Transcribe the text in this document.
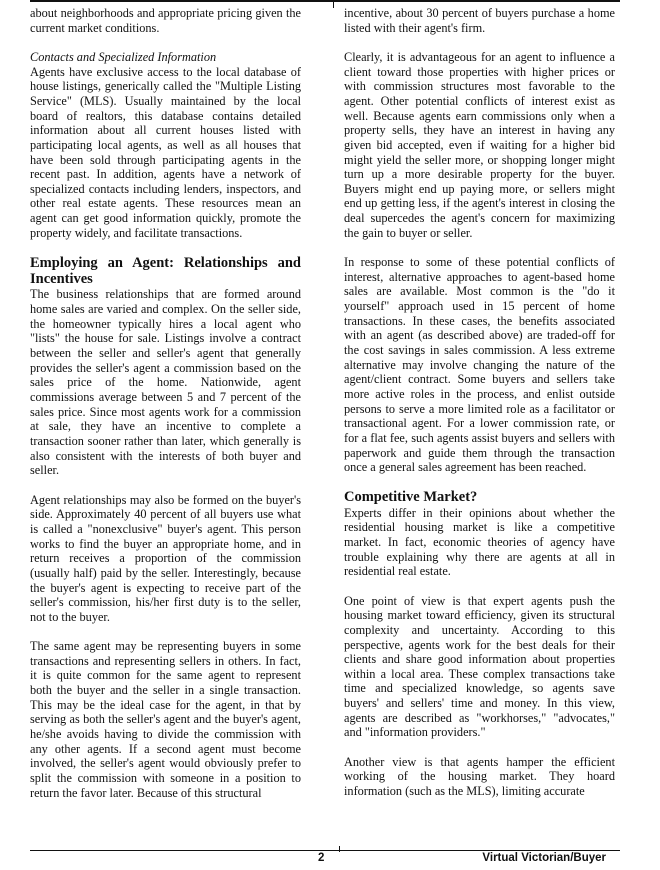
about neighborhoods and appropriate pricing given the current market conditions.

Contacts and Specialized Information

Agents have exclusive access to the local database of house listings, generically called the "Multiple Listing Service" (MLS). Usually maintained by the local board of realtors, this database contains detailed information about all current houses listed with participating local agents, as well as all houses that have been sold through participating agents in the recent past. In addition, agents have a network of specialized contacts including lenders, inspectors, and other real estate agents. These resources mean an agent can get good information quickly, promote the property widely, and facilitate transactions.

Employing an Agent: Relationships and Incentives

The business relationships that are formed around home sales are varied and complex. On the seller side, the homeowner typically hires a local agent who "lists" the house for sale. Listings involve a contract between the seller and seller's agent that generally provides the seller's agent a commission based on the sales price of the home. Nationwide, agent commissions average between 5 and 7 percent of the sales price. Since most agents work for a commission at sale, they have an incentive to complete a transaction sooner rather than later, which generally is also consistent with the interests of both buyer and seller.

Agent relationships may also be formed on the buyer's side. Approximately 40 percent of all buyers use what is called a "nonexclusive" buyer's agent. This person works to find the buyer an appropriate home, and in return receives a proportion of the commission (usually half) paid by the seller. Interestingly, because the buyer's agent is expecting to receive part of the seller's commission, his/her first duty is to the seller, not to the buyer.

The same agent may be representing buyers in some transactions and representing sellers in others. In fact, it is quite common for the same agent to represent both the buyer and the seller in a single transaction. This may be the ideal case for the agent, in that by serving as both the seller's agent and the buyer's agent, he/she avoids having to divide the commission with any other agents. If a second agent must become involved, the seller's agent would obviously prefer to split the commission with someone in a position to return the favor later. Because of this structural

incentive, about 30 percent of buyers purchase a home listed with their agent's firm.

Clearly, it is advantageous for an agent to influence a client toward those properties with higher prices or with commission structures most favorable to the agent. Other potential conflicts of interest exist as well. Because agents earn commissions only when a property sells, they have an interest in having any given bid accepted, even if waiting for a higher bid might yield the seller more, or shopping longer might turn up a more desirable property for the buyer. Buyers might end up paying more, or sellers might end up getting less, if the agent's interest in closing the deal supercedes the agent's concern for maximizing the gain to buyer or seller.

In response to some of these potential conflicts of interest, alternative approaches to agent-based home sales are available. Most common is the "do it yourself" approach used in 15 percent of home transactions. In these cases, the benefits associated with an agent (as described above) are traded-off for the cost savings in sales commission. A less extreme alternative may involve changing the nature of the agent/client contract. Some buyers and sellers take more active roles in the process, and enlist outside persons to serve a more limited role as a facilitator or transactional agent. For a lower commission rate, or for a flat fee, such agents assist buyers and sellers with paperwork and guide them through the transaction once a general sales agreement has been reached.

Competitive Market?

Experts differ in their opinions about whether the residential housing market is like a competitive market. In fact, economic theories of agency have trouble explaining why there are agents at all in residential real estate.

One point of view is that expert agents push the housing market toward efficiency, given its structural complexity and uncertainty. According to this perspective, agents work for the best deals for their clients and share good information about properties within a local area. These complex transactions take time and specialized knowledge, so agents save buyers' and sellers' time and money. In this view, agents are described as "workhorses," "advocates," and "information providers."

Another view is that agents hamper the efficient working of the housing market. They hoard information (such as the MLS), limiting accurate

2	Virtual Victorian/Buyer
